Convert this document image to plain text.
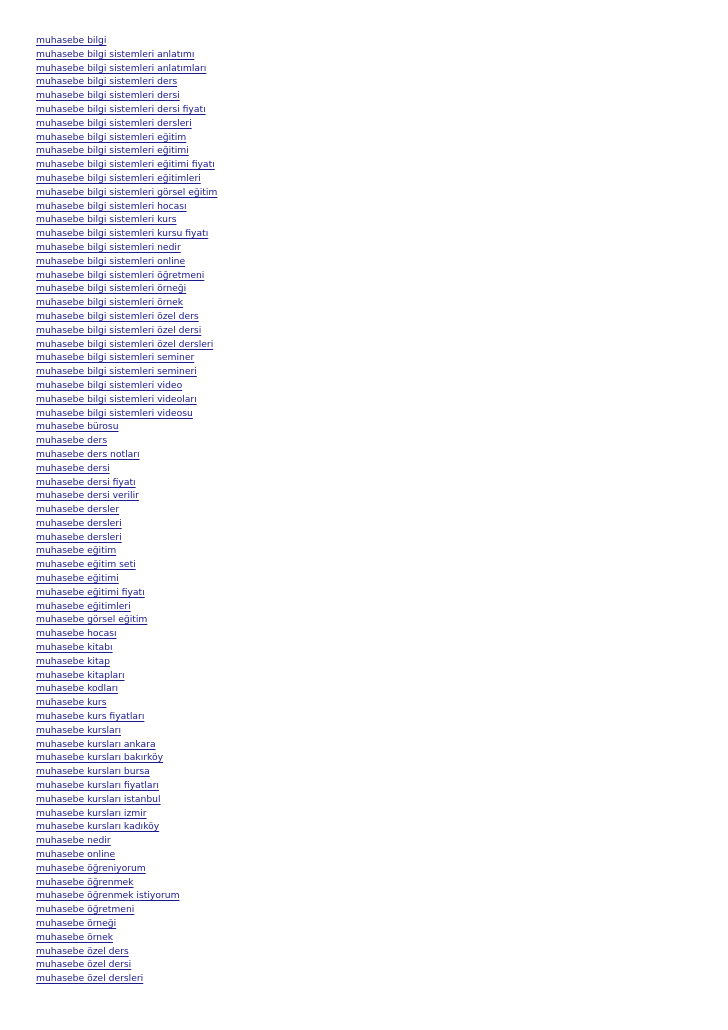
muhasebe bilgi
muhasebe bilgi sistemleri anlatımı
muhasebe bilgi sistemleri anlatımları
muhasebe bilgi sistemleri ders
muhasebe bilgi sistemleri dersi
muhasebe bilgi sistemleri dersi fiyatı
muhasebe bilgi sistemleri dersleri
muhasebe bilgi sistemleri eğitim
muhasebe bilgi sistemleri eğitimi
muhasebe bilgi sistemleri eğitimi fiyatı
muhasebe bilgi sistemleri eğitimleri
muhasebe bilgi sistemleri görsel eğitim
muhasebe bilgi sistemleri hocası
muhasebe bilgi sistemleri kurs
muhasebe bilgi sistemleri kursu fiyatı
muhasebe bilgi sistemleri nedir
muhasebe bilgi sistemleri online
muhasebe bilgi sistemleri öğretmeni
muhasebe bilgi sistemleri örneği
muhasebe bilgi sistemleri örnek
muhasebe bilgi sistemleri özel ders
muhasebe bilgi sistemleri özel dersi
muhasebe bilgi sistemleri özel dersleri
muhasebe bilgi sistemleri seminer
muhasebe bilgi sistemleri semineri
muhasebe bilgi sistemleri video
muhasebe bilgi sistemleri videoları
muhasebe bilgi sistemleri videosu
muhasebe bürosu
muhasebe ders
muhasebe ders notları
muhasebe dersi
muhasebe dersi fiyatı
muhasebe dersi verilir
muhasebe dersler
muhasebe dersleri
muhasebe dersleri
muhasebe eğitim
muhasebe eğitim seti
muhasebe eğitimi
muhasebe eğitimi fiyatı
muhasebe eğitimleri
muhasebe görsel eğitim
muhasebe hocası
muhasebe kitabı
muhasebe kitap
muhasebe kitapları
muhasebe kodları
muhasebe kurs
muhasebe kurs fiyatları
muhasebe kursları
muhasebe kursları ankara
muhasebe kursları bakırköy
muhasebe kursları bursa
muhasebe kursları fiyatları
muhasebe kursları istanbul
muhasebe kursları izmir
muhasebe kursları kadıköy
muhasebe nedir
muhasebe online
muhasebe öğreniyorum
muhasebe öğrenmek
muhasebe öğrenmek istiyorum
muhasebe öğretmeni
muhasebe örneği
muhasebe örnek
muhasebe özel ders
muhasebe özel dersi
muhasebe özel dersleri
